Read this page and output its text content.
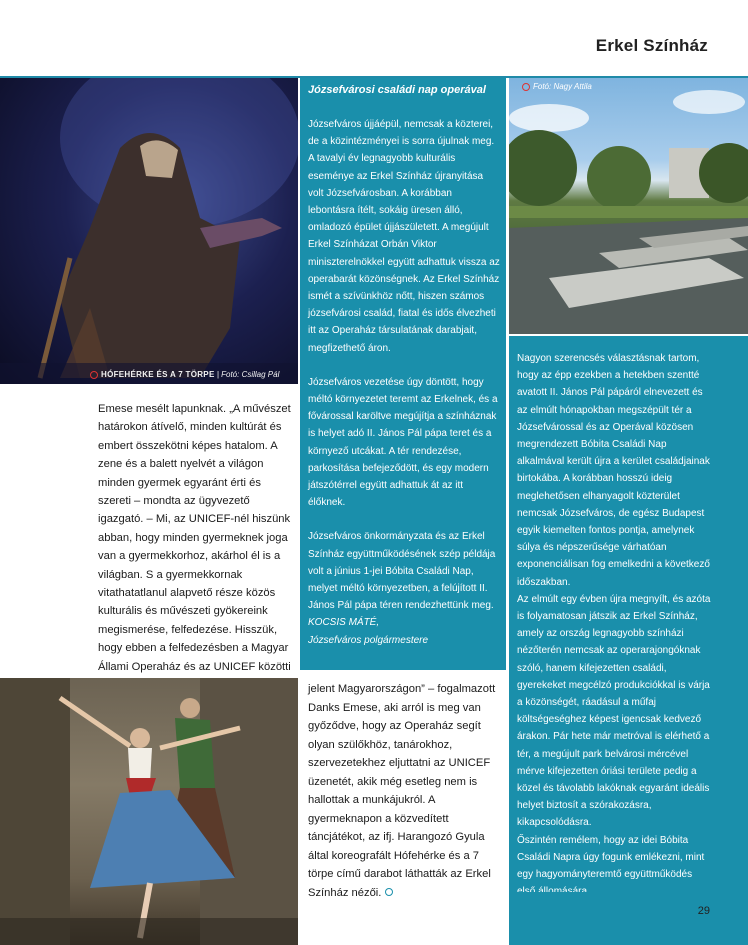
Erkel Színház
HÓFEHÉRKE ÉS A 7 TÖRPE | Fotó: Csillag Pál
Fotó: Nagy Attila
Józsefvárosi családi nap operával

Józsefváros újjáépül, nemcsak a közterei, de a közintézményei is sorra újulnak meg. A tavalyi év legnagyobb kulturális eseménye az Erkel Színház újranyitása volt Józsefvárosban. A korábban lebontásra ítélt, sokáig üresen álló, omladozó épület újjászületett. A megújult Erkel Színházat Orbán Viktor miniszterelnökkel együtt adhattuk vissza az operabarát közönségnek. Az Erkel Színház ismét a szívünkhöz nőtt, hiszen számos józsefvárosi család, fiatal és idős élvezheti itt az Operaház társulatának darabjait, megfizethető áron.

Józsefváros vezetése úgy döntött, hogy méltó környezetet teremt az Erkelnek, és a fővárossal karöltve megújítja a színháznak is helyet adó II. János Pál pápa teret és a környező utcákat. A tér rendezése, parkosítása befejeződött, és egy modern játszótérrel együtt adhattuk át az itt élőknek.

Józsefváros önkormányzata és az Erkel Színház együttműködésének szép példája volt a június 1-jei Bóbita Családi Nap, melyet méltó környezetben, a felújított II. János Pál pápa téren rendezhettünk meg.

KOCSIS MÁTÉ,
Józsefváros polgármestere

Nagyon szerencsés választásnak tartom, hogy az épp ezekben a hetekben szentté avatott II. János Pál pápáról elnevezett és az elmúlt hónapokban megszépült tér a Józsefvárossal és az Operával közösen megrendezett Bóbita Családi Nap alkalmával került újra a kerület családjainak birtokába. A korábban hosszú ideig meglehetősen elhanyagolt közterület nemcsak Józsefváros, de egész Budapest egyik kiemelten fontos pontja, amelynek súlya és népszerűsége várhatóan exponenciálisan fog emelkedni a következő időszakban.

Az elmúlt egy évben újra megnyílt, és azóta is folyamatosan játszik az Erkel Színház, amely az ország legnagyobb színházi nézőterén nemcsak az operarajongóknak szóló, hanem kifejezetten családi, gyerekeket megcélzó produkciókkal is várja a közönségét, ráadásul a műfaj költségeséghez képest igencsak kedvező árakon. Pár hete már metróval is elérhető a tér, a megújult park belvárosi mércével mérve kifejezetten óriási területe pedig a közel és távolabb lakóknak egyaránt ideális helyet biztosít a szórakozásra, kikapcsolódásra.

Őszintén remélem, hogy az idei Bóbita Családi Napra úgy fogunk emlékezni, mint egy hagyományteremtő együttműködés

Emese mesélt lapunknak. „A művészet határokon átívelő, minden kultúrát és embert összekötni képes hatalom. A zene és a balett nyelvét a világon minden gyermek egyaránt érti és szereti – mondta az ügyvezető igazgató. – Mi, az UNICEF-nél hiszünk abban, hogy minden gyermeknek joga van a gyermekkorhoz, akárhol él is a világban. S a gyermekkornak vitathatatlanul alapvető része közös kulturális és művészeti gyökereink megismerése, felfedezése. Hisszük, hogy ebben a felfedezésben a Magyar Állami Operaház és az UNICEF közötti
jelent Magyarországon” – fogalmazott Danks Emese, aki arról is meg van győződve, hogy az Operaház segít olyan szülőkhöz, tanárokhoz, szervezetekhez eljuttatni az UNICEF üzenetét, akik még esetleg nem is hallottak a munkájukról. A gyermeknapon a közvedített táncjátékot, az ifj. Harangozó Gyula által koreografált Hófehérke és a 7 törpe című darabot láthatták az Erkel Színház nézői.
29
